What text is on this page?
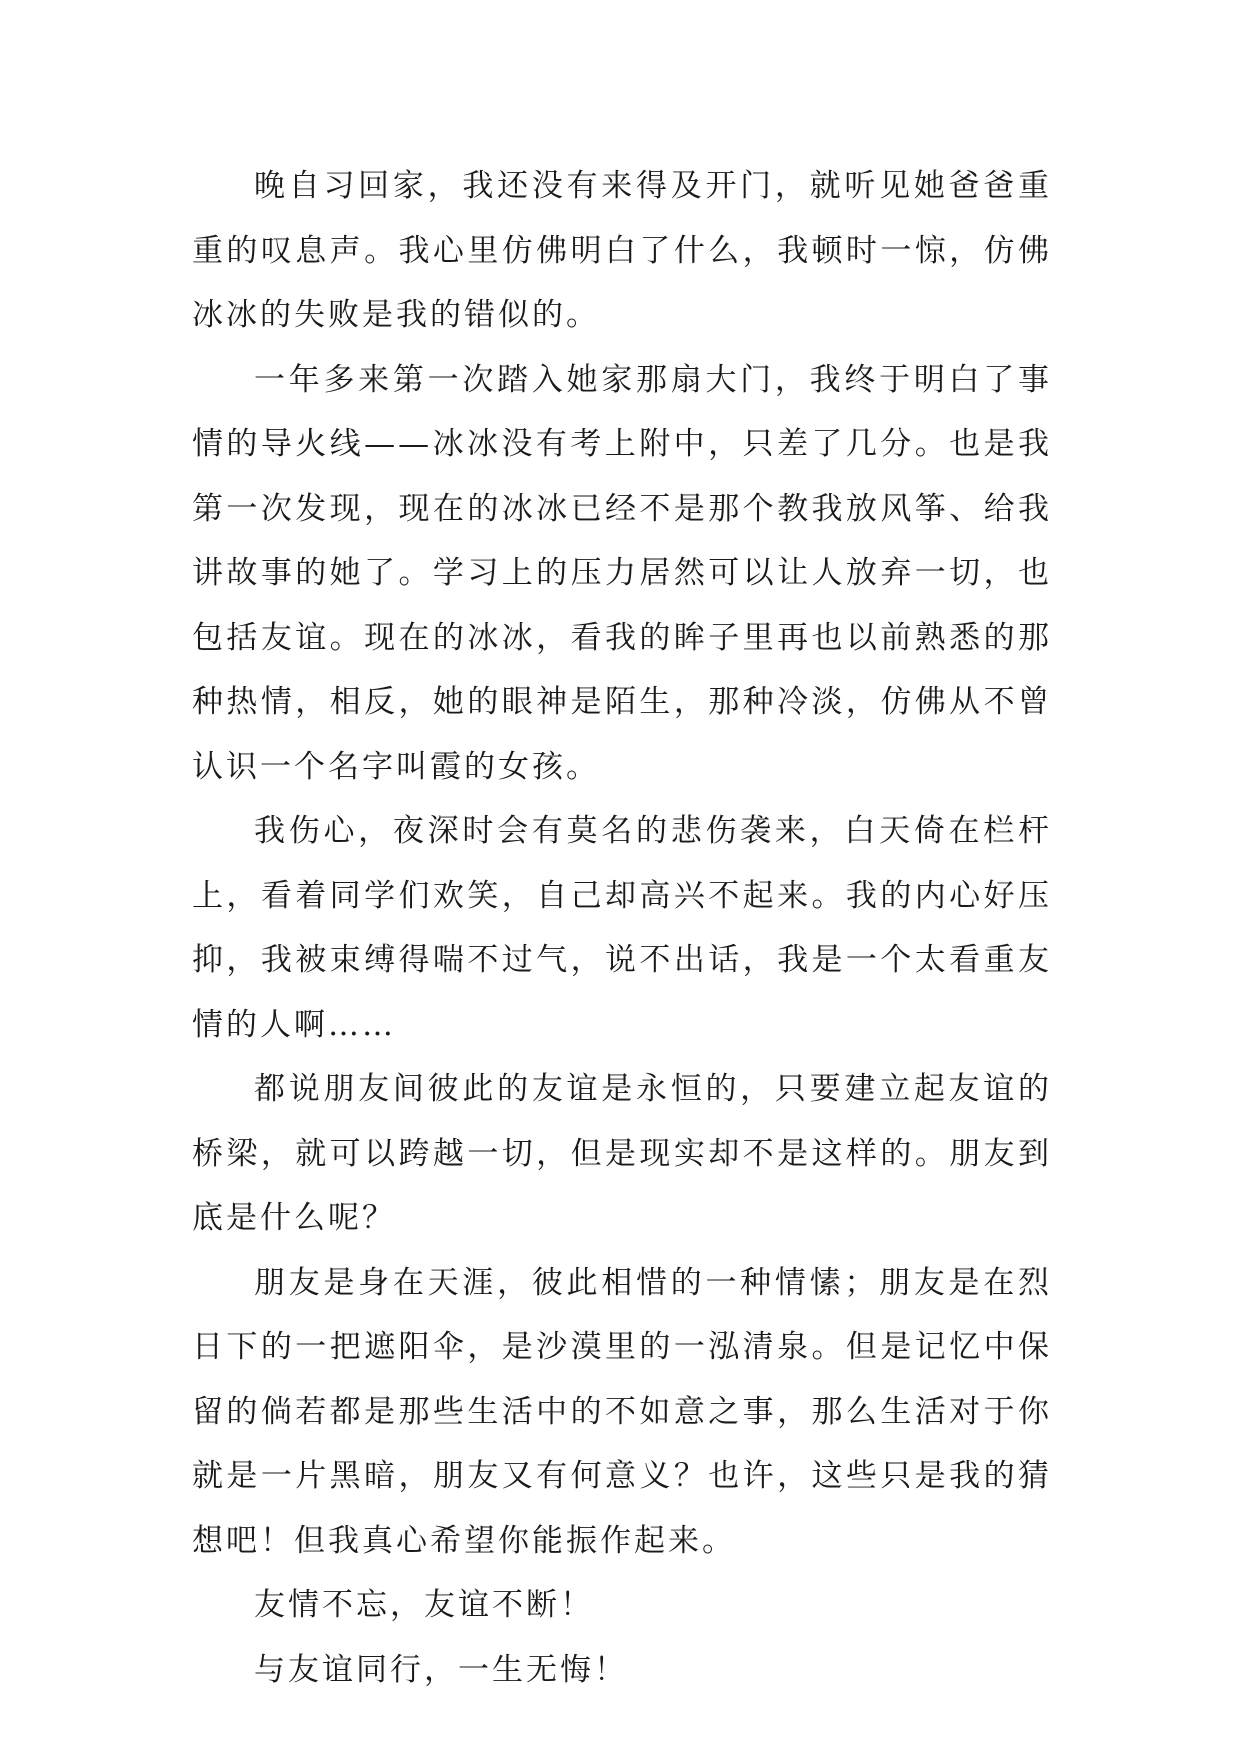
晚自习回家，我还没有来得及开门，就听见她爸爸重重的叹息声。我心里仿佛明白了什么，我顿时一惊，仿佛冰冰的失败是我的错似的。

一年多来第一次踏入她家那扇大门，我终于明白了事情的导火线——冰冰没有考上附中，只差了几分。也是我第一次发现，现在的冰冰已经不是那个教我放风筝、给我讲故事的她了。学习上的压力居然可以让人放弃一切，也包括友谊。现在的冰冰，看我的眸子里再也以前熟悉的那种热情，相反，她的眼神是陌生，那种冷淡，仿佛从不曾认识一个名字叫霞的女孩。

我伤心，夜深时会有莫名的悲伤袭来，白天倚在栏杆上，看着同学们欢笑，自己却高兴不起来。我的内心好压抑，我被束缚得喘不过气，说不出话，我是一个太看重友情的人啊……

都说朋友间彼此的友谊是永恒的，只要建立起友谊的桥梁，就可以跨越一切，但是现实却不是这样的。朋友到底是什么呢？

朋友是身在天涯，彼此相惜的一种情愫；朋友是在烈日下的一把遮阳伞，是沙漠里的一泓清泉。但是记忆中保留的倘若都是那些生活中的不如意之事，那么生活对于你就是一片黑暗，朋友又有何意义？也许，这些只是我的猜想吧！但我真心希望你能振作起来。

友情不忘，友谊不断！

与友谊同行，一生无悔！
